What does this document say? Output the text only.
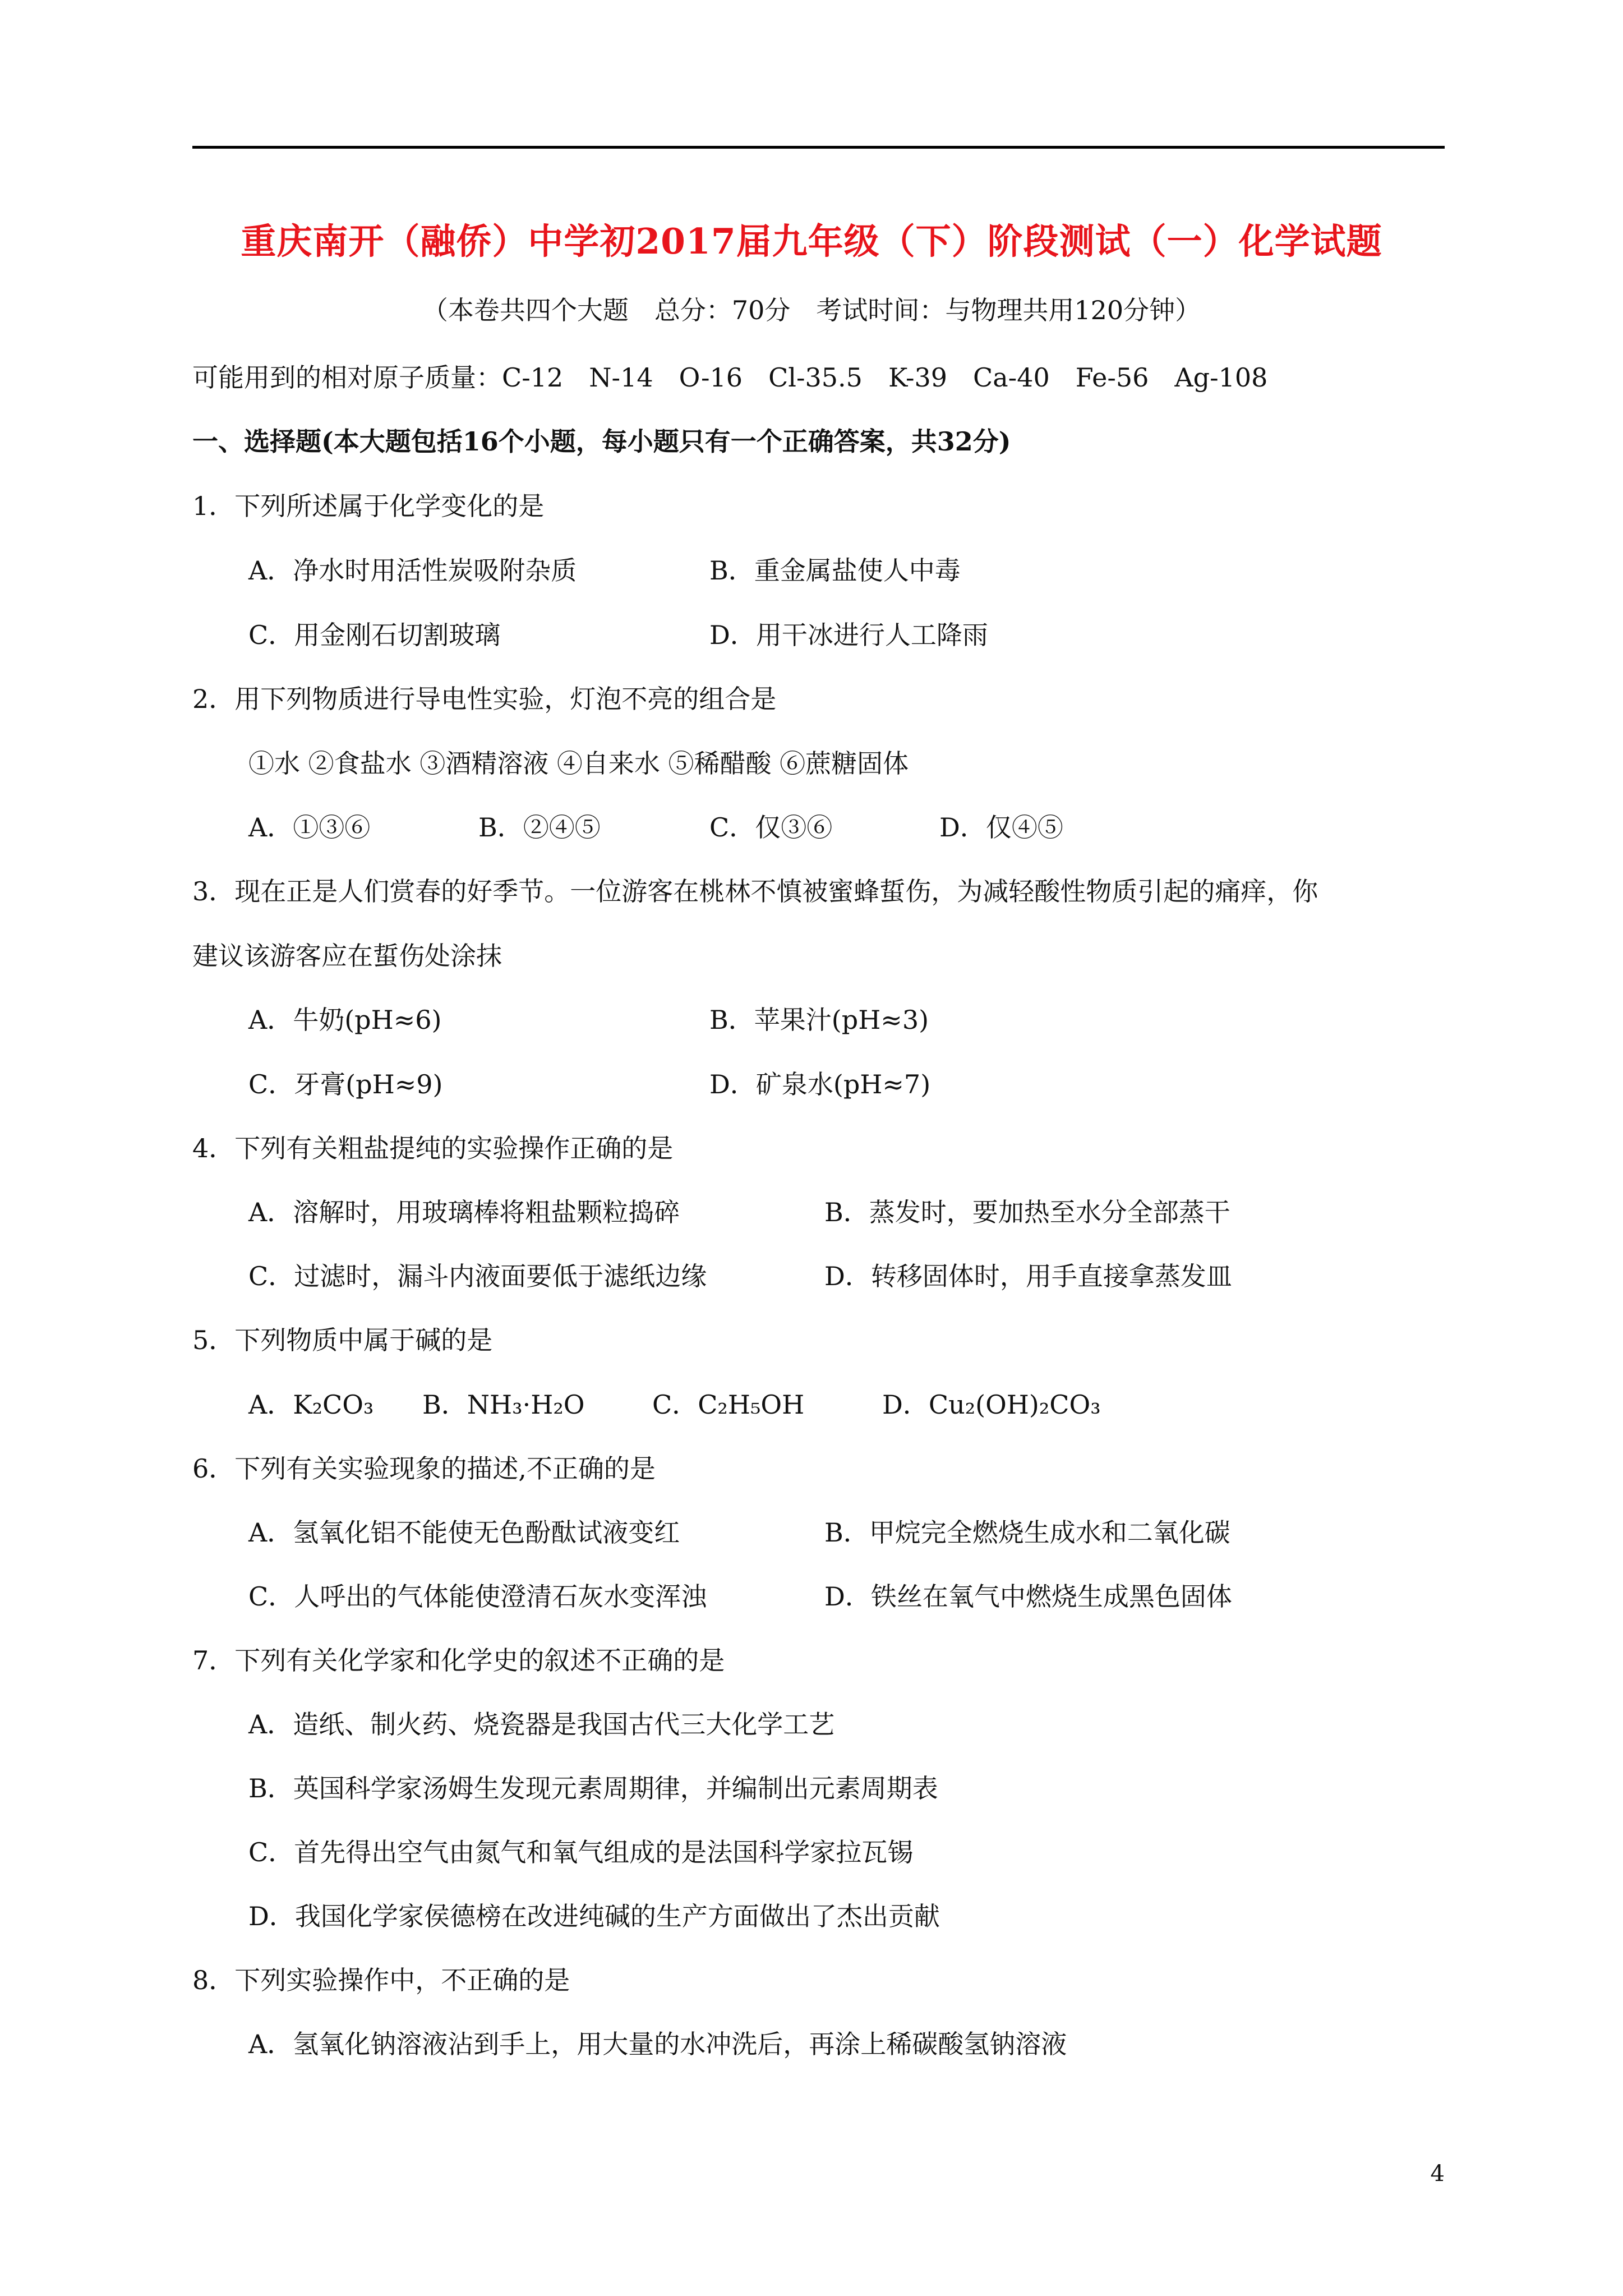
重庆南开（融侨）中学初2017届九年级（下）阶段测试（一）化学试题
（本卷共四个大题　总分：70分　考试时间：与物理共用120分钟）
可能用到的相对原子质量：C-12　N-14　O-16　Cl-35.5　K-39　Ca-40　Fe-56　Ag-108
一、选择题(本大题包括16个小题，每小题只有一个正确答案，共32分)
1．下列所述属于化学变化的是
A．净水时用活性炭吸附杂质	B．重金属盐使人中毒
C．用金刚石切割玻璃	D．用干冰进行人工降雨
2．用下列物质进行导电性实验，灯泡不亮的组合是
①水 ②食盐水 ③酒精溶液 ④自来水 ⑤稀醋酸 ⑥蔗糖固体
A．①③⑥	B．②④⑤	C．仅③⑥	D．仅④⑤
3．现在正是人们赏春的好季节。一位游客在桃林不慎被蜜蜂蜇伤，为减轻酸性物质引起的痛痒，你
建议该游客应在蜇伤处涂抹
A．牛奶(pH≈6)	B．苹果汁(pH≈3)
C．牙膏(pH≈9)	D．矿泉水(pH≈7)
4．下列有关粗盐提纯的实验操作正确的是
A．溶解时，用玻璃棒将粗盐颗粒捣碎	B．蒸发时，要加热至水分全部蒸干
C．过滤时，漏斗内液面要低于滤纸边缘	D．转移固体时，用手直接拿蒸发皿
5．下列物质中属于碱的是
A．K₂CO₃ B．NH₃·H₂O	C．C₂H₅OH	D．Cu₂(OH)₂CO₃
6．下列有关实验现象的描述,不正确的是
A．氢氧化铝不能使无色酚酞试液变红	B．甲烷完全燃烧生成水和二氧化碳
C．人呼出的气体能使澄清石灰水变浑浊	D．铁丝在氧气中燃烧生成黑色固体
7．下列有关化学家和化学史的叙述不正确的是
A．造纸、制火药、烧瓷器是我国古代三大化学工艺
B．英国科学家汤姆生发现元素周期律，并编制出元素周期表
C．首先得出空气由氮气和氧气组成的是法国科学家拉瓦锡
D．我国化学家侯德榜在改进纯碱的生产方面做出了杰出贡献
8．下列实验操作中，不正确的是
A．氢氧化钠溶液沾到手上，用大量的水冲洗后，再涂上稀碳酸氢钠溶液
4
